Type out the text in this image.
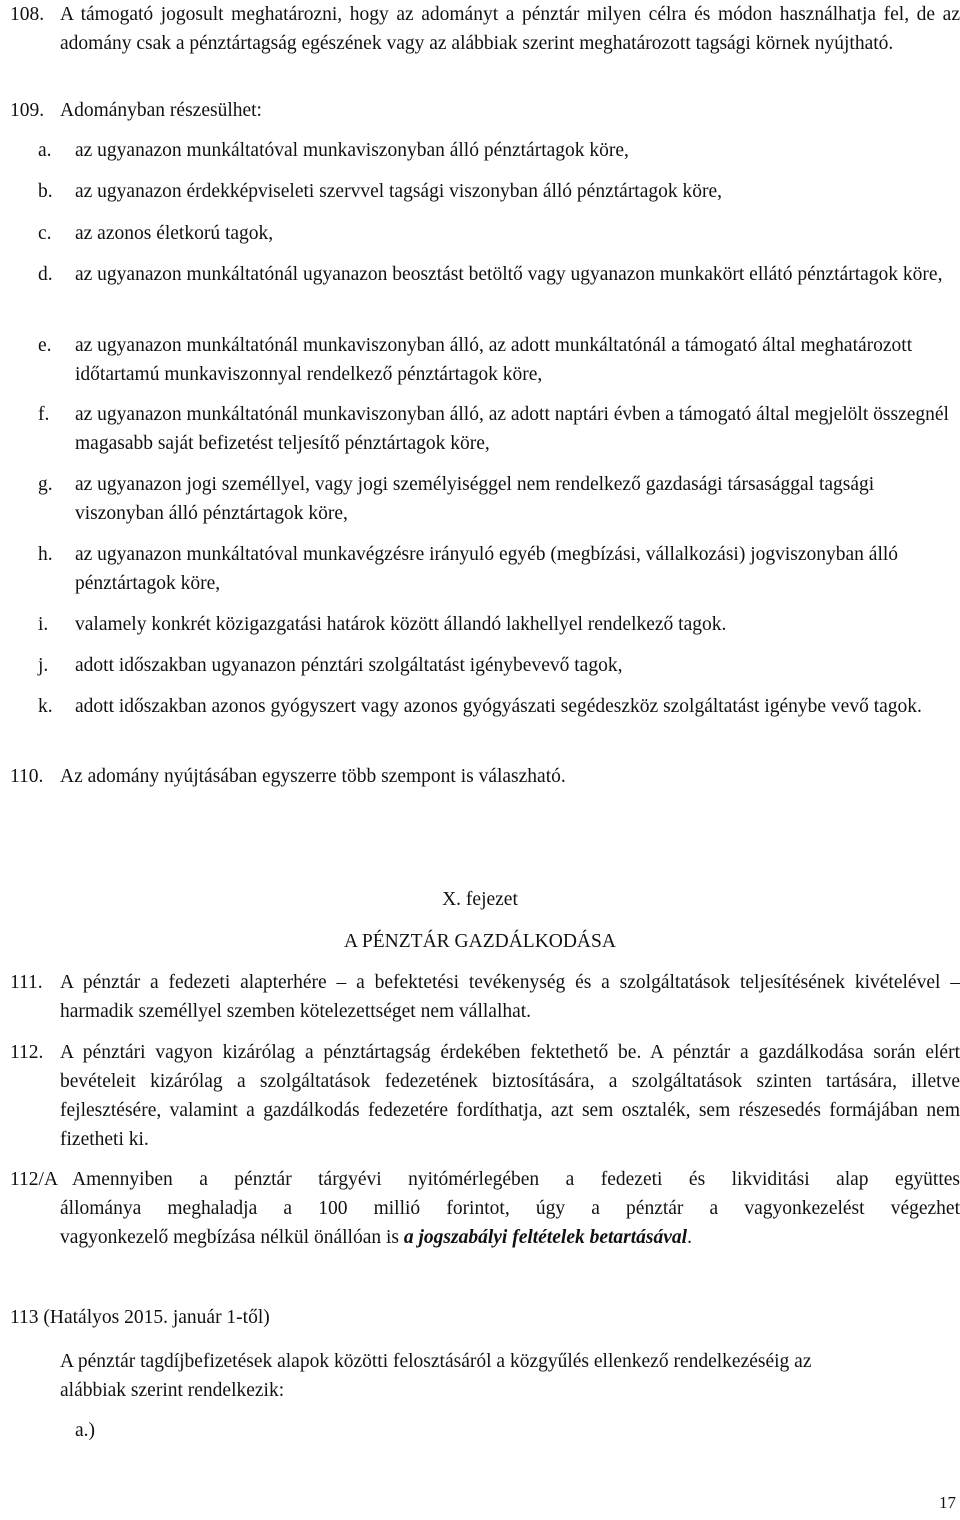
108. A támogató jogosult meghatározni, hogy az adományt a pénztár milyen célra és módon használhatja fel, de az adomány csak a pénztártagság egészének vagy az alábbiak szerint meghatározott tagsági körnek nyújtható.
109. Adományban részesülhet:
a. az ugyanazon munkáltatóval munkaviszonyban álló pénztártagok köre,
b. az ugyanazon érdekképviseleti szervvel tagsági viszonyban álló pénztártagok köre,
c. az azonos életkorú tagok,
d. az ugyanazon munkáltatónál ugyanazon beosztást betöltő vagy ugyanazon munkakört ellátó pénztártagok köre,
e. az ugyanazon munkáltatónál munkaviszonyban álló, az adott munkáltatónál a támogató által meghatározott időtartamú munkaviszonnyal rendelkező pénztártagok köre,
f. az ugyanazon munkáltatónál munkaviszonyban álló, az adott naptári évben a támogató által megjelölt összegnél magasabb saját befizetést teljesítő pénztártagok köre,
g. az ugyanazon jogi személlyel, vagy jogi személyiséggel nem rendelkező gazdasági társasággal tagsági viszonyban álló pénztártagok köre,
h. az ugyanazon munkáltatóval munkavégzésre irányuló egyéb (megbízási, vállalkozási) jogviszonyban álló pénztártagok köre,
i. valamely konkrét közigazgatási határok között állandó lakhellyel rendelkező tagok.
j. adott időszakban ugyanazon pénztári szolgáltatást igénybevevő tagok,
k. adott időszakban azonos gyógyszert vagy azonos gyógyászati segédeszköz szolgáltatást igénybe vevő tagok.
110. Az adomány nyújtásában egyszerre több szempont is válaszható.
X. fejezet
A PÉNZTÁR GAZDÁLKODÁSA
111. A pénztár a fedezeti alapterhére – a befektetési tevékenység és a szolgáltatások teljesítésének kivételével – harmadik személlyel szemben kötelezettséget nem vállalhat.
112. A pénztári vagyon kizárólag a pénztártagság érdekében fektethető be. A pénztár a gazdálkodása során elért bevételeit kizárólag a szolgáltatások fedezetének biztosítására, a szolgáltatások szinten tartására, illetve fejlesztésére, valamint a gazdálkodás fedezetére fordíthatja, azt sem osztalék, sem részesedés formájában nem fizetheti ki.
112/A Amennyiben a pénztár tárgyévi nyitómérlegében a fedezeti és likviditási alap együttes
állománya meghaladja a 100 millió forintot, úgy a pénztár a vagyonkezelést végezhet
vagyonkezelő megbízása nélkül önállóan is a jogszabályi feltételek betartásával.
113 (Hatályos 2015. január 1-től)
A pénztár tagdíjbefizetések alapok közötti felosztásáról a közgyűlés ellenkező rendelkezéséig az alábbiak szerint rendelkezik:
a.)
17
